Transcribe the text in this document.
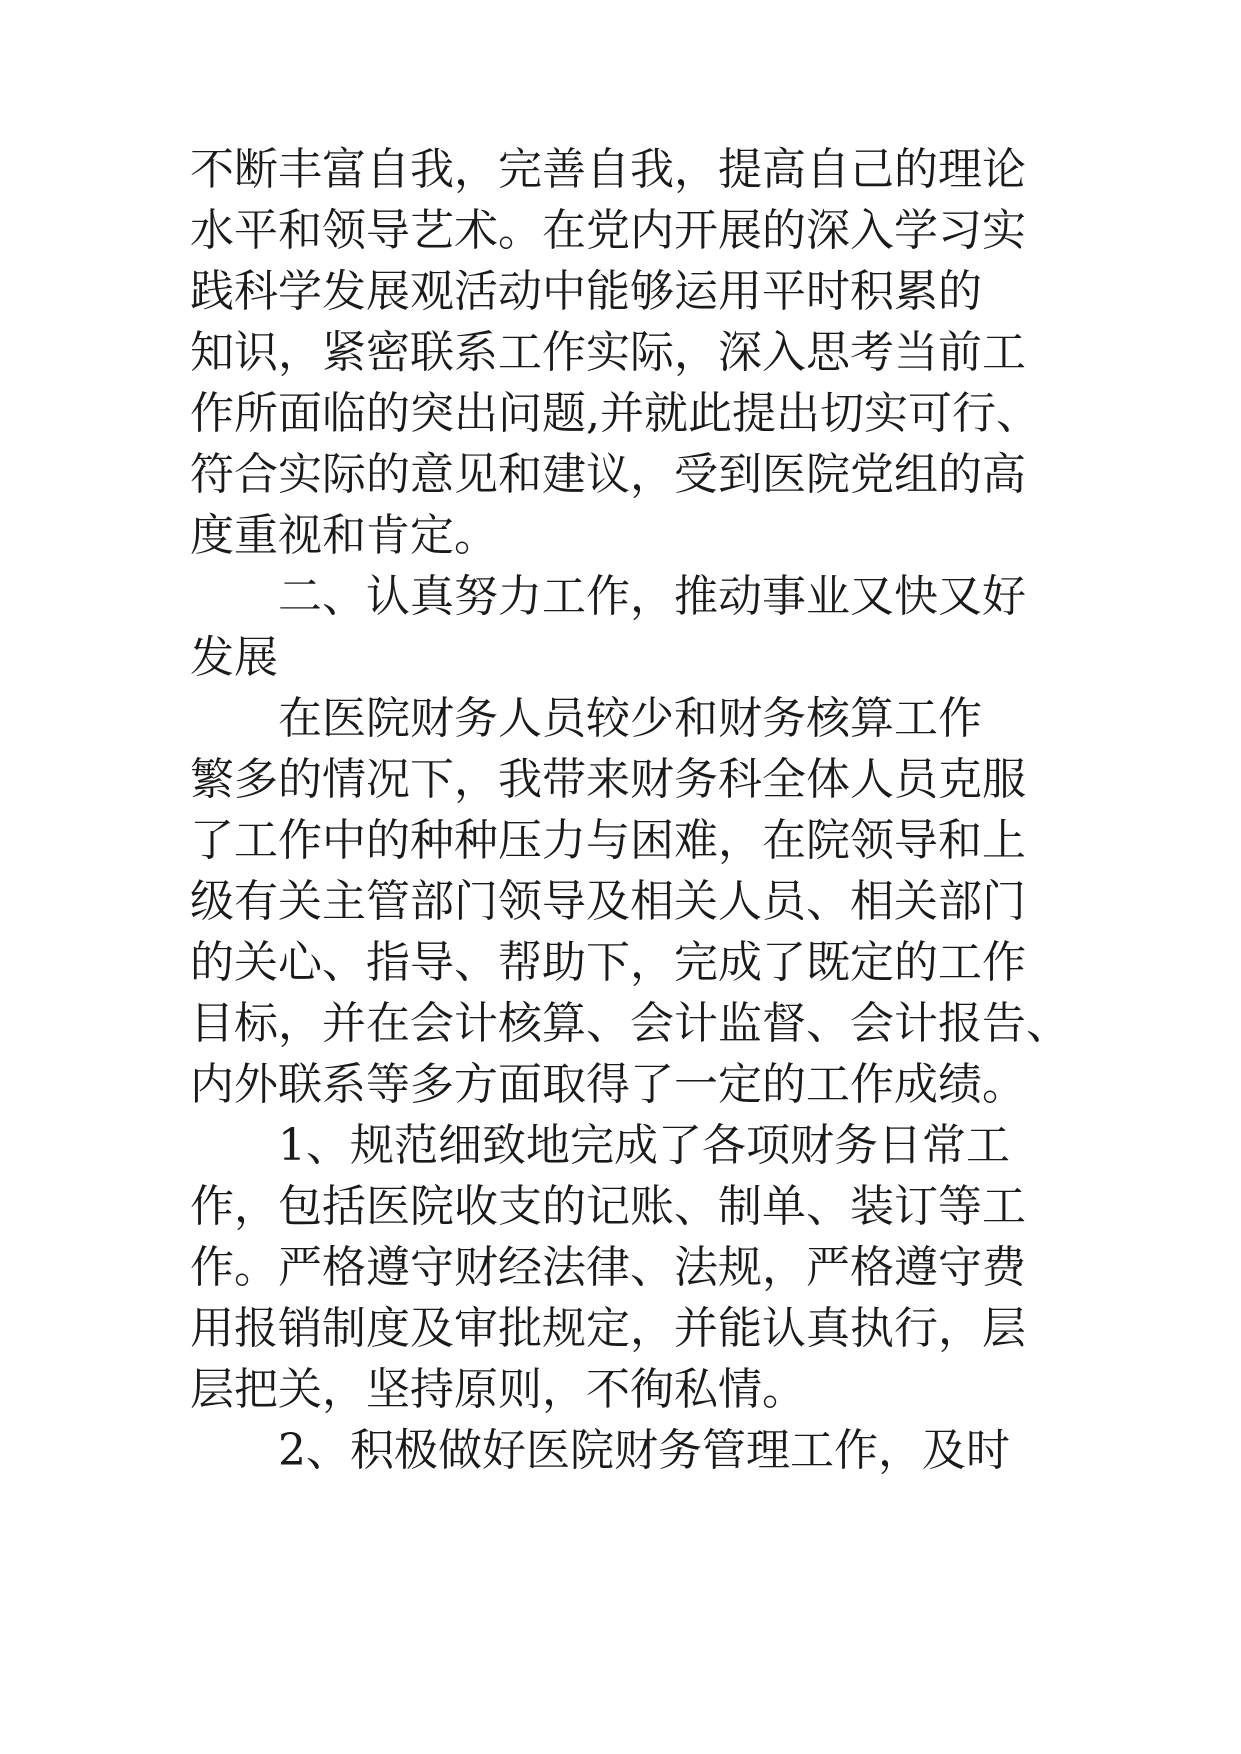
不断丰富自我，完善自我，提高自己的理论
水平和领导艺术。在党内开展的深入学习实
践科学发展观活动中能够运用平时积累的
知识，紧密联系工作实际，深入思考当前工
作所面临的突出问题,并就此提出切实可行、
符合实际的意见和建议，受到医院党组的高
度重视和肯定。
二、认真努力工作，推动事业又快又好
发展
在医院财务人员较少和财务核算工作
繁多的情况下，我带来财务科全体人员克服
了工作中的种种压力与困难，在院领导和上
级有关主管部门领导及相关人员、相关部门
的关心、指导、帮助下，完成了既定的工作
目标，并在会计核算、会计监督、会计报告、
内外联系等多方面取得了一定的工作成绩。
1、规范细致地完成了各项财务日常工
作，包括医院收支的记账、制单、装订等工
作。严格遵守财经法律、法规，严格遵守费
用报销制度及审批规定，并能认真执行，层
层把关，坚持原则，不徇私情。
2、积极做好医院财务管理工作，及时
